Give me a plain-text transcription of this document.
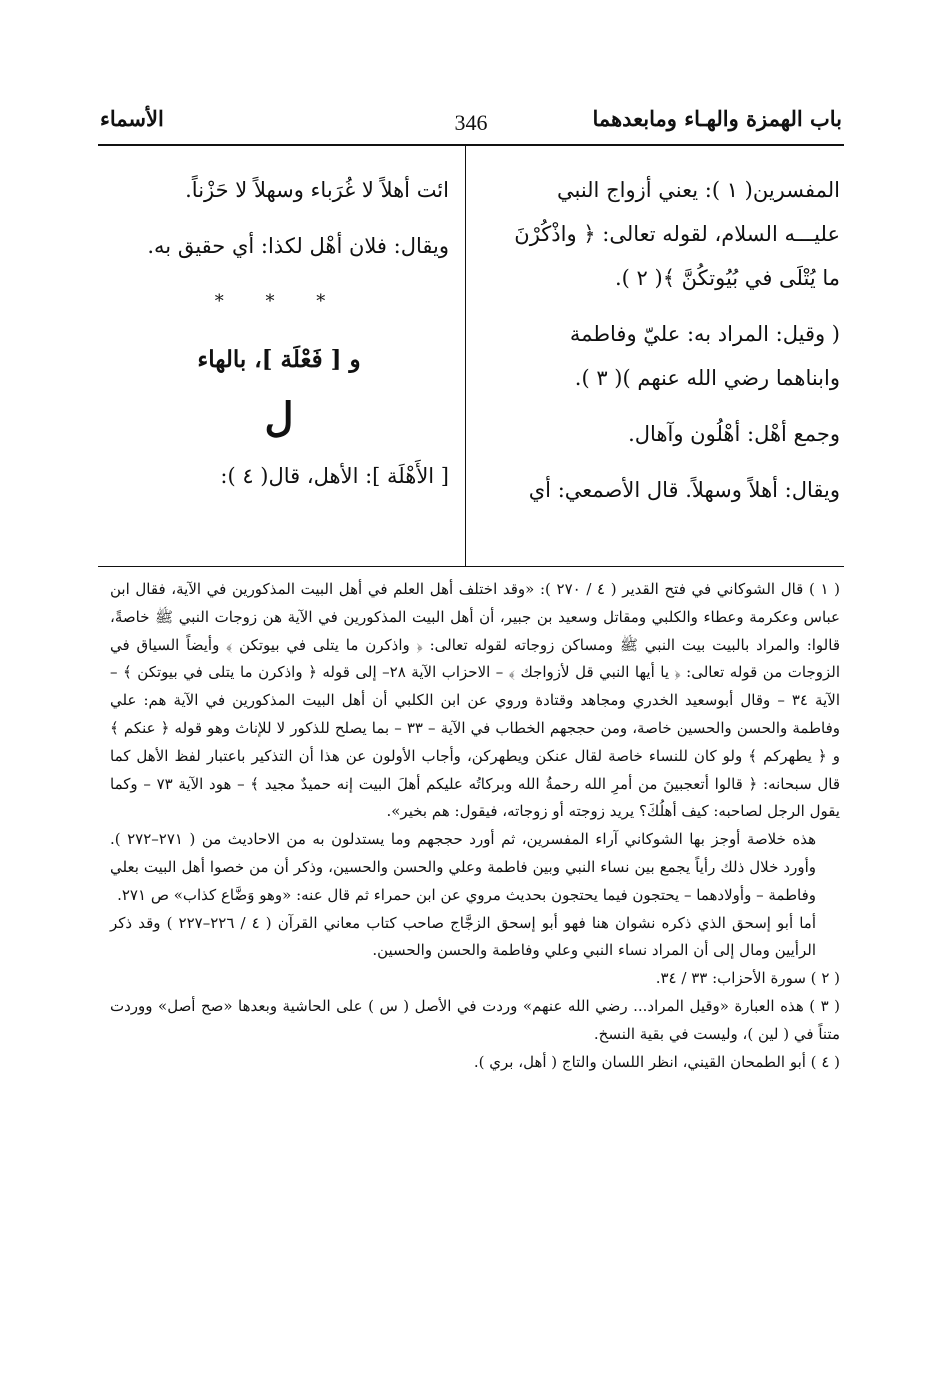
باب الهمزة والهـاء ومابعدهما
346
الأسماء

المفسرين( ١ ): يعني أزواج النبي عليـــه السلام، لقوله تعالى: ﴿ واذْكُرْنَ ما يُتْلَى في بُيُوتكُنَّ ﴾( ٢ ).

( وقيل: المراد به: عليّ وفاطمة وابناهما رضي الله عنهم )( ٣ ).

وجمع أهْل: أهْلُون وآهال.

ويقال: أهلاً وسهلاً. قال الأصمعي: أي

ائت أهلاً لا غُرَباء وسهلاً لا حَزْناً.

ويقال: فلان أهْل لكذا: أي حقيق به.

* * *
و [ فَعْلَة ]، بالهاء
ل

[ الأَهْلَة ]: الأهل، قال( ٤ ):

( ١ ) قال الشوكاني في فتح القدير ( ٤ / ٢٧٠ ): «وقد اختلف أهل العلم في أهل البيت المذكورين في الآية، فقال ابن عباس وعكرمة وعطاء والكلبي ومقاتل وسعيد بن جبير، أن أهل البيت المذكورين في الآية هن زوجات النبي ﷺ خاصةً، قالوا: والمراد بالبيت بيت النبي ﷺ ومساكن زوجاته لقوله تعالى: ﴿ واذكرن ما يتلى في بيوتكن ﴾ وأيضاً السياق في الزوجات من قوله تعالى: ﴿ يا أيها النبي قل لأزواجك ﴾ – الاحزاب الآية ٢٨– إلى قوله ﴿ واذكرن ما يتلى في بيوتكن ﴾ – الآية ٣٤ – وقال أبوسعيد الخدري ومجاهد وقتادة وروي عن ابن الكلبي أن أهل البيت المذكورين في الآية هم: علي وفاطمة والحسن والحسين خاصة، ومن حججهم الخطاب في الآية – ٣٣ – بما يصلح للذكور لا للإناث وهو قوله ﴿ عنكم ﴾ و ﴿ يطهركم ﴾ ولو كان للنساء خاصة لقال عنكن ويطهركن، وأجاب الأولون عن هذا أن التذكير باعتبار لفظ الأهل كما قال سبحانه: ﴿ قالوا أتعجبينَ من أمرِ الله رحمةُ الله وبركاتُه عليكم أهلَ البيت إنه حميدٌ مجيد ﴾ – هود الآية ٧٣ – وكما يقول الرجل لصاحبه: كيف أهلُكَ؟ يريد زوجته أو زوجاته، فيقول: هم بخير».

هذه خلاصة أوجز بها الشوكاني آراء المفسرين، ثم أورد حججهم وما يستدلون به من الاحاديث من ( ٢٧١–٢٧٢ ). وأورد خلال ذلك رأياً يجمع بين نساء النبي وبين فاطمة وعلي والحسن والحسين، وذكر أن من خصوا أهل البيت بعلي وفاطمة – وأولادهما – يحتجون فيما يحتجون بحديث مروي عن ابن حمراء ثم قال عنه: «وهو وَضَّاع كذاب» ص ٢٧١.

أما أبو إسحق الذي ذكره نشوان هنا فهو أبو إسحق الزجَّاج صاحب كتاب معاني القرآن ( ٤ / ٢٢٦–٢٢٧ ) وقد ذكر الرأيين ومال إلى أن المراد نساء النبي وعلي وفاطمة والحسن والحسين.

( ٢ ) سورة الأحزاب: ٣٣ / ٣٤.

( ٣ ) هذه العبارة «وقيل المراد... رضي الله عنهم» وردت في الأصل ( س ) على الحاشية وبعدها «صح أصل» ووردت متناً في ( لين )، وليست في بقية النسخ.

( ٤ ) أبو الطمحان القيني، انظر اللسان والتاج ( أهل، بري ).
